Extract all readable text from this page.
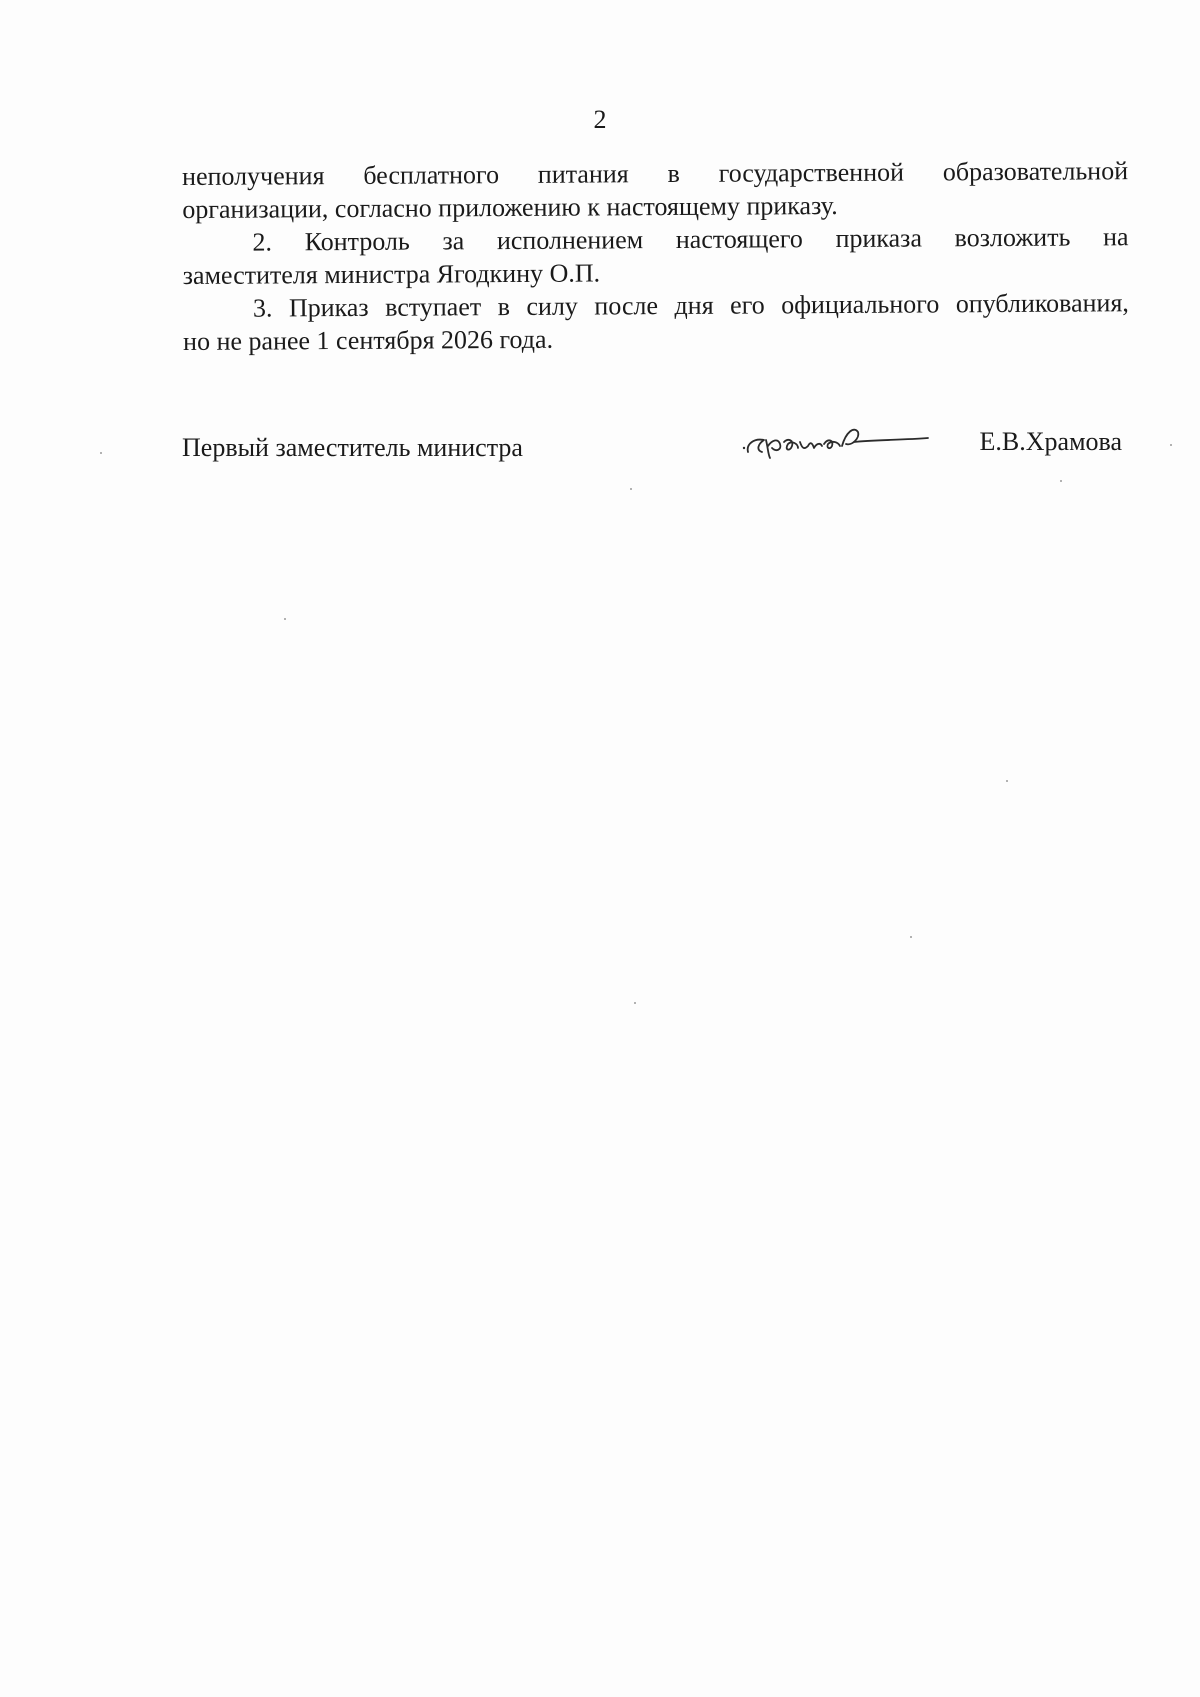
2

неполучения бесплатного питания в государственной образовательной
организации, согласно приложению к настоящему приказу.

2. Контроль за исполнением настоящего приказа возложить на
заместителя министра Ягодкину О.П.

3. Приказ вступает в силу после дня его официального опубликования,
но не ранее 1 сентября 2026 года.

Первый заместитель министра	Е.В.Храмова
